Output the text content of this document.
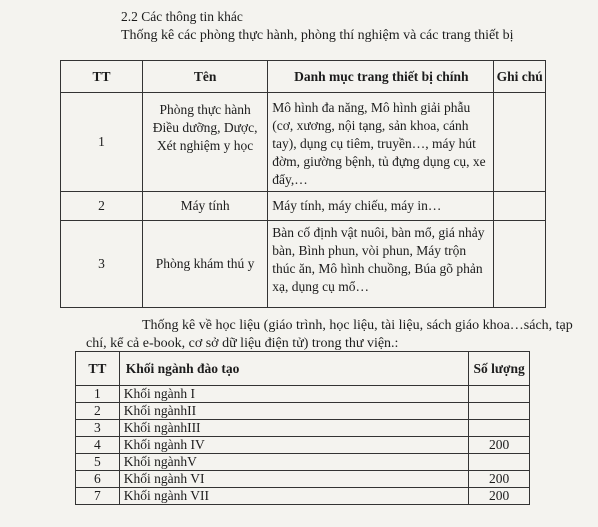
2.2 Các thông tin khác
Thống kê các phòng thực hành, phòng thí nghiệm và các trang thiết bị
TT	Tên	Danh mục trang thiết bị chính	Ghi chú
1	Phòng thực hành Điều dưỡng, Dược, Xét nghiệm y học	Mô hình đa năng, Mô hình giải phẫu (cơ, xương, nội tạng, sản khoa, cánh tay), dụng cụ tiêm, truyền…, máy hút đờm, giường bệnh, tủ đựng dụng cụ, xe đẩy,…	
2	Máy tính	Máy tính, máy chiếu, máy in…	
3	Phòng khám thú y	Bàn cố định vật nuôi, bàn mổ, giá nhảy bàn, Bình phun, vòi phun, Máy trộn thúc ăn, Mô hình chuồng, Búa gõ phản xạ, dụng cụ mổ…	
Thống kê về học liệu (giáo trình, học liệu, tài liệu, sách giáo khoa…sách, tạp
chí, kể cả e-book, cơ sở dữ liệu điện tử) trong thư viện.:
TT	Khối ngành đào tạo	Số lượng
1	Khối ngành I	
2	Khối ngànhII	
3	Khối ngànhIII	
4	Khối ngành IV	200
5	Khối ngànhV	
6	Khối ngành VI	200
7	Khối ngành VII	200
